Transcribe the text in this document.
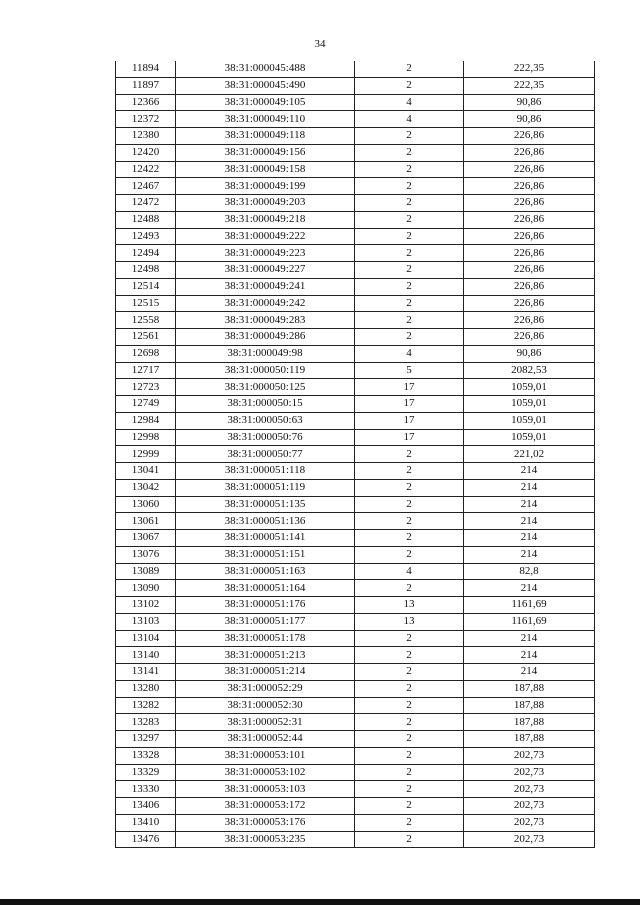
34
11894	38:31:000045:488	2	222,35
11897	38:31:000045:490	2	222,35
12366	38:31:000049:105	4	90,86
12372	38:31:000049:110	4	90,86
12380	38:31:000049:118	2	226,86
12420	38:31:000049:156	2	226,86
12422	38:31:000049:158	2	226,86
12467	38:31:000049:199	2	226,86
12472	38:31:000049:203	2	226,86
12488	38:31:000049:218	2	226,86
12493	38:31:000049:222	2	226,86
12494	38:31:000049:223	2	226,86
12498	38:31:000049:227	2	226,86
12514	38:31:000049:241	2	226,86
12515	38:31:000049:242	2	226,86
12558	38:31:000049:283	2	226,86
12561	38:31:000049:286	2	226,86
12698	38:31:000049:98	4	90,86
12717	38:31:000050:119	5	2082,53
12723	38:31:000050:125	17	1059,01
12749	38:31:000050:15	17	1059,01
12984	38:31:000050:63	17	1059,01
12998	38:31:000050:76	17	1059,01
12999	38:31:000050:77	2	221,02
13041	38:31:000051:118	2	214
13042	38:31:000051:119	2	214
13060	38:31:000051:135	2	214
13061	38:31:000051:136	2	214
13067	38:31:000051:141	2	214
13076	38:31:000051:151	2	214
13089	38:31:000051:163	4	82,8
13090	38:31:000051:164	2	214
13102	38:31:000051:176	13	1161,69
13103	38:31:000051:177	13	1161,69
13104	38:31:000051:178	2	214
13140	38:31:000051:213	2	214
13141	38:31:000051:214	2	214
13280	38:31:000052:29	2	187,88
13282	38:31:000052:30	2	187,88
13283	38:31:000052:31	2	187,88
13297	38:31:000052:44	2	187,88
13328	38:31:000053:101	2	202,73
13329	38:31:000053:102	2	202,73
13330	38:31:000053:103	2	202,73
13406	38:31:000053:172	2	202,73
13410	38:31:000053:176	2	202,73
13476	38:31:000053:235	2	202,73
